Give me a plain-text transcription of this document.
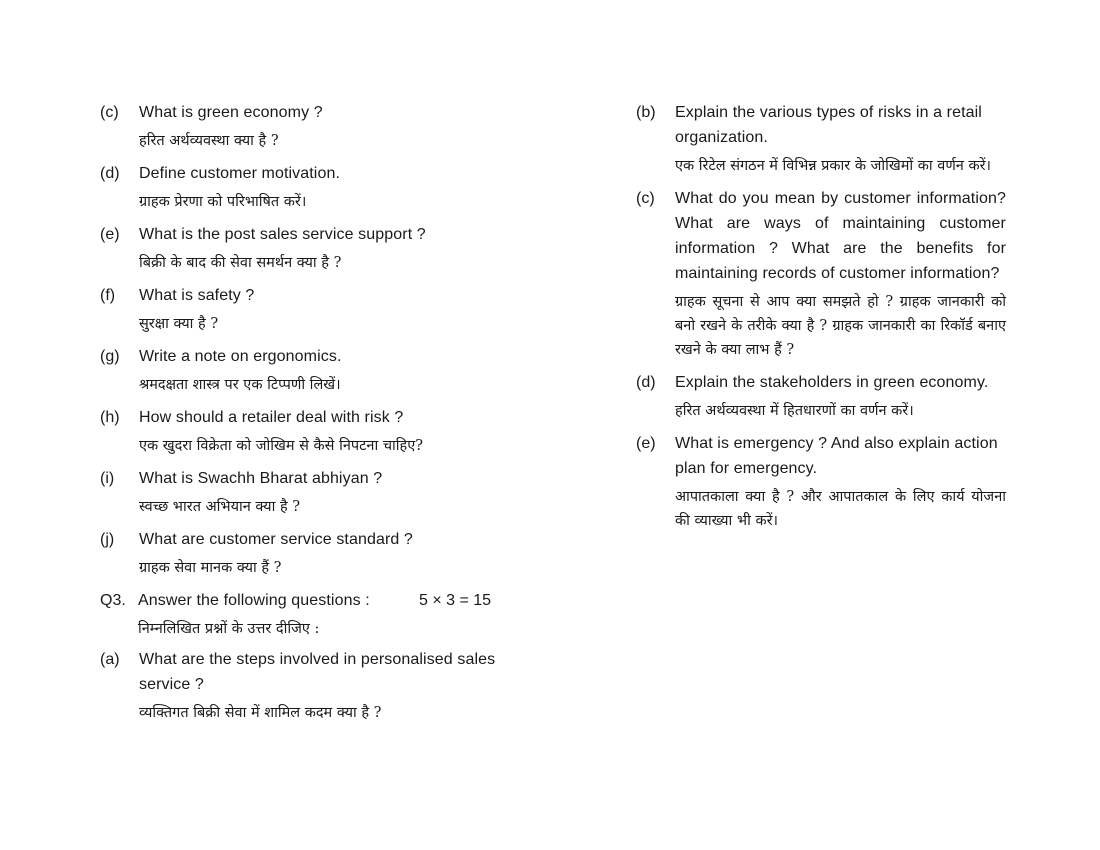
(c) What is green economy ?
हरित अर्थव्यवस्था क्या है ?
(d) Define customer motivation.
ग्राहक प्रेरणा को परिभाषित करें।
(e) What is the post sales service support ?
बिक्री के बाद की सेवा समर्थन क्या है ?
(f) What is safety ?
सुरक्षा क्या है ?
(g) Write a note on ergonomics.
श्रमदक्षता शास्त्र पर एक टिप्पणी लिखें।
(h) How should a retailer deal with risk ?
एक खुदरा विक्रेता को जोखिम से कैसे निपटना चाहिए?
(i) What is Swachh Bharat abhiyan ?
स्वच्छ भारत अभियान क्या है ?
(j) What are customer service standard ?
ग्राहक सेवा मानक क्या हैं ?
Q3. Answer the following questions :	5 × 3 = 15
निम्नलिखित प्रश्नों के उत्तर दीजिए :
(a) What are the steps involved in personalised sales service ?
व्यक्तिगत बिक्री सेवा में शामिल कदम क्या है ?
(b) Explain the various types of risks in a retail organization.
एक रिटेल संगठन में विभिन्न प्रकार के जोखिमों का वर्णन करें।
(c) What do you mean by customer information? What are ways of maintaining customer information ? What are the benefits for maintaining records of customer information?
ग्राहक सूचना से आप क्या समझते हो ? ग्राहक जानकारी को बनो रखने के तरीके क्या है ? ग्राहक जानकारी का रिकॉर्ड बनाए रखने के क्या लाभ हैं ?
(d) Explain the stakeholders in green economy.
हरित अर्थव्यवस्था में हितधारणों का वर्णन करें।
(e) What is emergency ? And also explain action plan for emergency.
आपातकाला क्या है ? और आपातकाल के लिए कार्य योजना की व्याख्या भी करें।
